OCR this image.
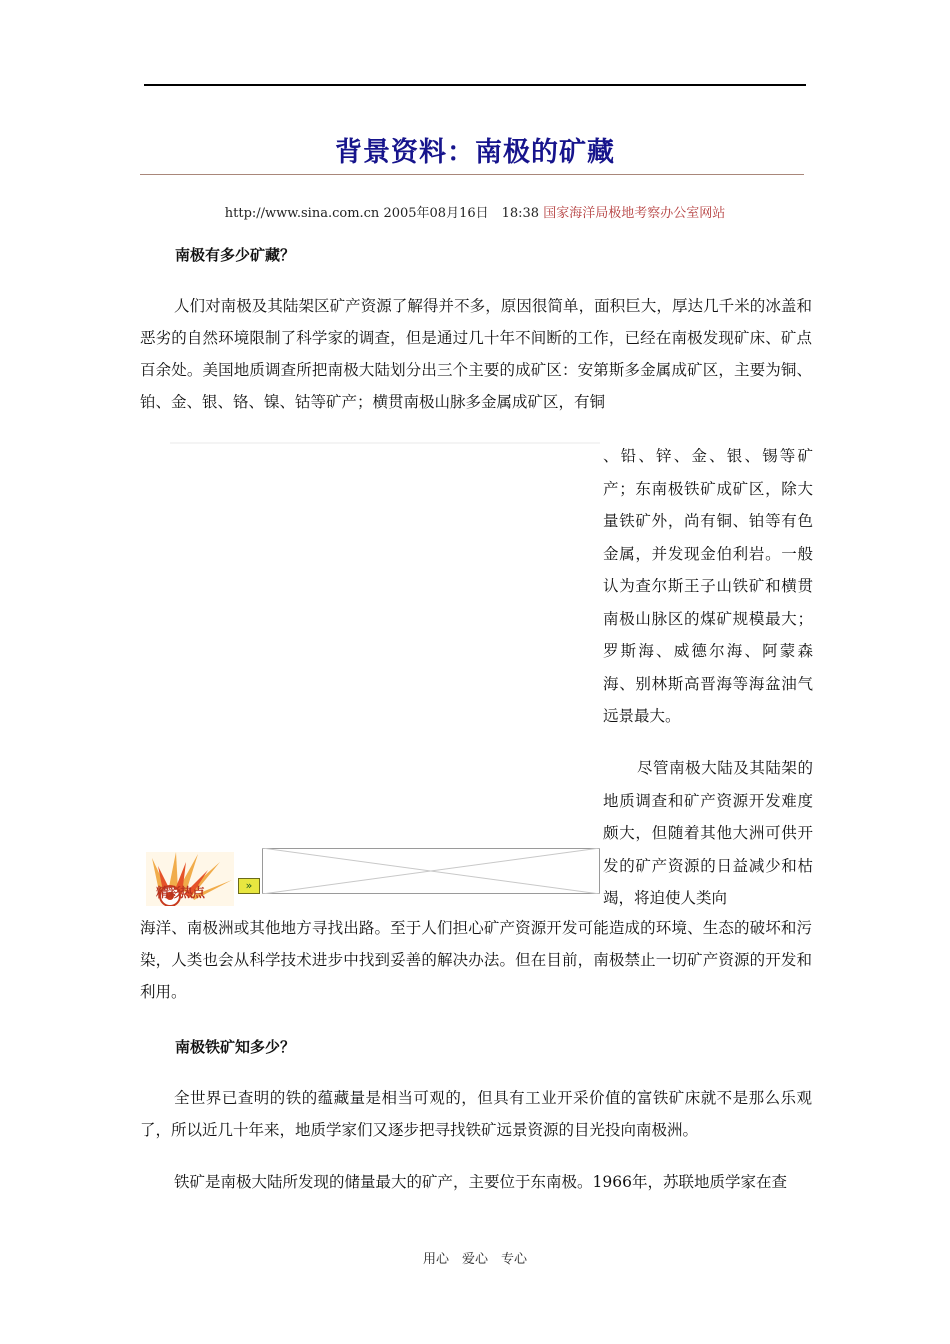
背景资料：南极的矿藏
http://www.sina.com.cn 2005年08月16日　18:38 国家海洋局极地考察办公室网站
南极有多少矿藏？

人们对南极及其陆架区矿产资源了解得并不多，原因很简单，面积巨大，厚达几千米的冰盖和恶劣的自然环境限制了科学家的调查，但是通过几十年不间断的工作，已经在南极发现矿床、矿点百余处。美国地质调查所把南极大陆划分出三个主要的成矿区：安第斯多金属成矿区，主要为铜、铂、金、银、铬、镍、钴等矿产；横贯南极山脉多金属成矿区，有铜

、铅、锌、金、银、锡等矿产；东南极铁矿成矿区，除大量铁矿外，尚有铜、铂等有色金属，并发现金伯利岩。一般认为查尔斯王子山铁矿和横贯南极山脉区的煤矿规模最大；罗斯海、威德尔海、阿蒙森海、别林斯高晋海等海盆油气远景最大。

尽管南极大陆及其陆架的地质调查和矿产资源开发难度颇大，但随着其他大洲可供开发的矿产资源的日益减少和枯竭，将迫使人类向

精彩热点
»

海洋、南极洲或其他地方寻找出路。至于人们担心矿产资源开发可能造成的环境、生态的破坏和污染，人类也会从科学技术进步中找到妥善的解决办法。但在目前，南极禁止一切矿产资源的开发和利用。

南极铁矿知多少？

全世界已查明的铁的蕴藏量是相当可观的，但具有工业开采价值的富铁矿床就不是那么乐观了，所以近几十年来，地质学家们又逐步把寻找铁矿远景资源的目光投向南极洲。

铁矿是南极大陆所发现的储量最大的矿产，主要位于东南极。1966年，苏联地质学家在查

用心　爱心　专心
